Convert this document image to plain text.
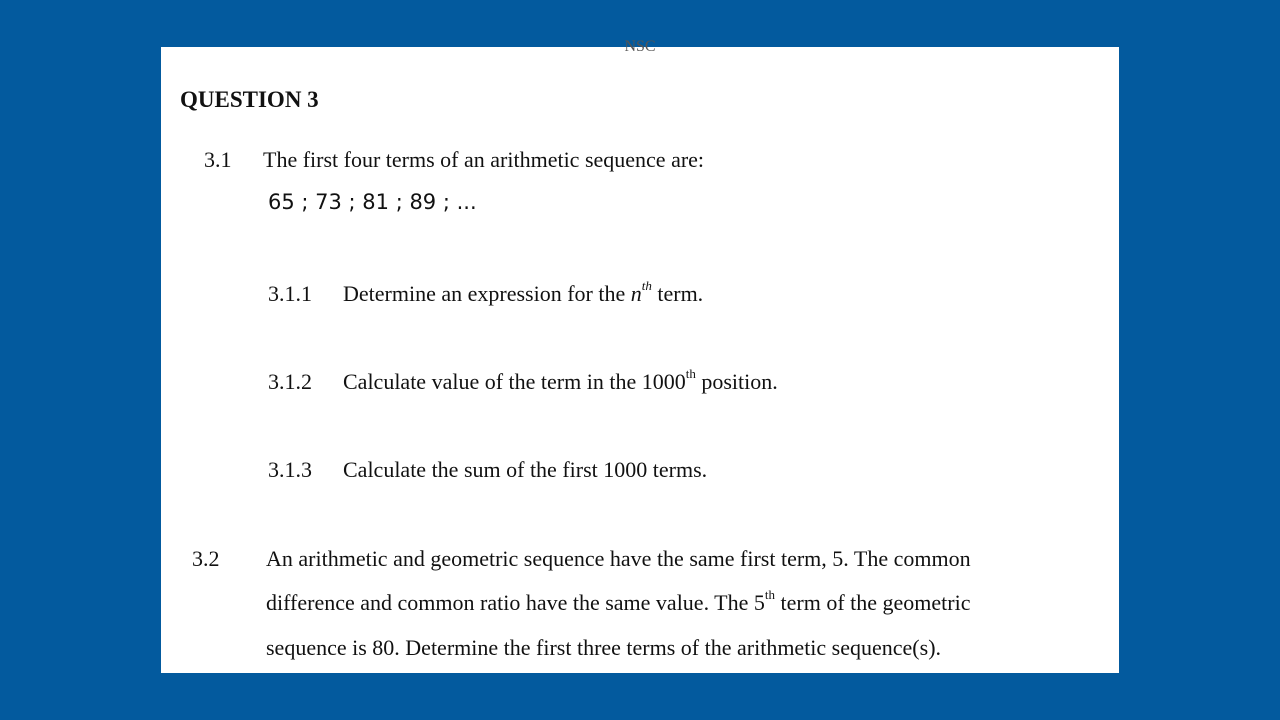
NSC
QUESTION 3
3.1 The first four terms of an arithmetic sequence are:
65 ; 73 ; 81 ; 89 ; ...
3.1.1 Determine an expression for the $n^{th}$ term.
3.1.2 Calculate value of the term in the 1000th position.
3.1.3 Calculate the sum of the first 1000 terms.
3.2 An arithmetic and geometric sequence have the same first term, 5. The common
difference and common ratio have the same value. The 5th term of the geometric
sequence is 80. Determine the first three terms of the arithmetic sequence(s).
